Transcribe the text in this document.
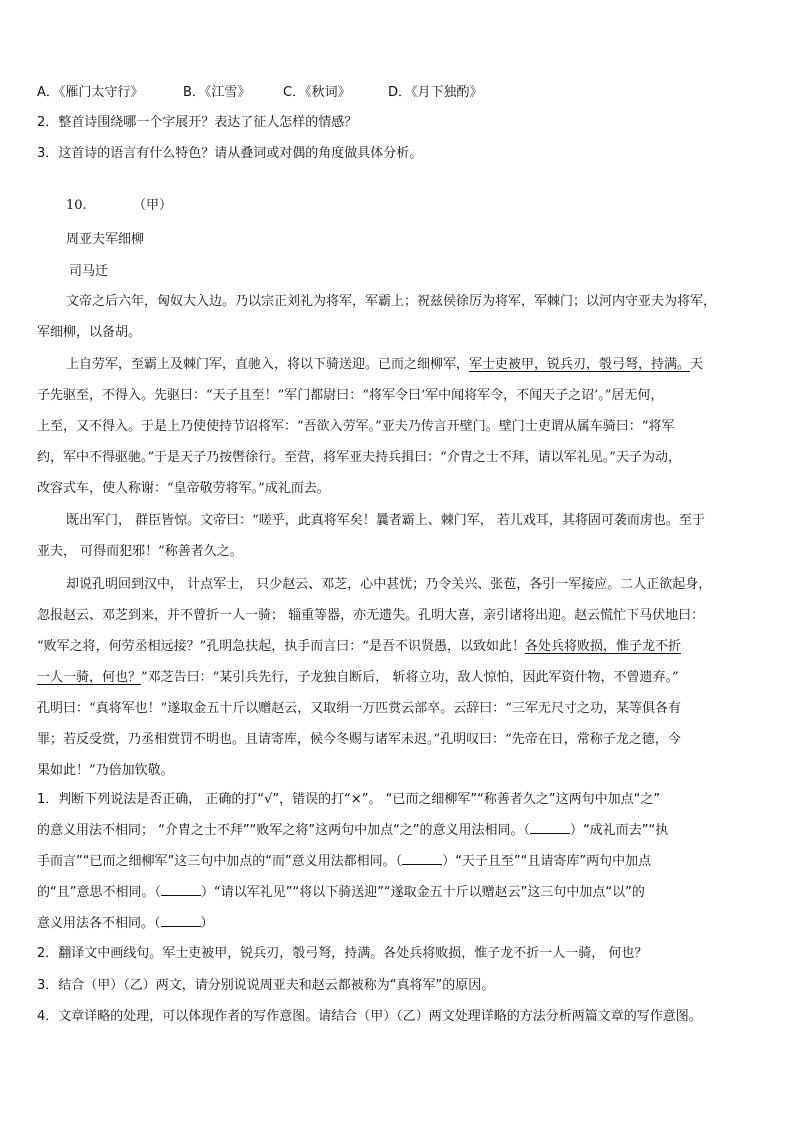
A．《雁门太守行》	B．《江雪》	C．《秋词》	D．《月下独酌》
2．整首诗围绕哪一个字展开？表达了征人怎样的情感？
3．这首诗的语言有什么特色？请从叠词或对偶的角度做具体分析。
10.	（甲）
周亚夫军细柳
司马迁
文帝之后六年，匈奴大入边。乃以宗正刘礼为将军，军霸上；祝兹侯徐厉为将军，军棘门；以河内守亚夫为将军，
军细柳，以备胡。
上自劳军，至霸上及棘门军，直驰入，将以下骑送迎。已而之细柳军，军士吏被甲，锐兵刃，彀弓弩，持满。天
子先驱至，不得入。先驱曰：“天子且至！”军门都尉曰：“将军令曰‘军中闻将军令，不闻天子之诏’。”居无何，
上至，又不得入。于是上乃使使持节诏将军：“吾欲入劳军。”亚夫乃传言开壁门。壁门士吏谓从属车骑曰：“将军
约，军中不得驱驰。”于是天子乃按辔徐行。至营，将军亚夫持兵揖曰：“介胄之士不拜，请以军礼见。”天子为动，
改容式车，使人称谢：“皇帝敬劳将军。”成礼而去。
既出军门， 群臣皆惊。文帝曰：“嗟乎，此真将军矣！曩者霸上、棘门军， 若儿戏耳，其将固可袭而虏也。至于
亚夫， 可得而犯邪！”称善者久之。
却说孔明回到汉中， 计点军士， 只少赵云、邓芝，心中甚忧；乃令关兴、张苞，各引一军接应。二人正欲起身，
忽报赵云、邓芝到来，并不曾折一人一骑； 辎重等器，亦无遗失。孔明大喜，亲引诸将出迎。赵云慌忙下马伏地曰：
“败军之将，何劳丞相远接？”孔明急扶起，执手而言曰：“是吾不识贤愚，以致如此！各处兵将败损，惟子龙不折
一人一骑，何也？”邓芝告曰：“某引兵先行，子龙独自断后， 斩将立功，敌人惊怕，因此军资什物，不曾遗弃。”
孔明曰：“真将军也！”遂取金五十斤以赠赵云，又取绢一万匹赏云部卒。云辞曰：“三军无尺寸之功，某等俱各有
罪；若反受赏，乃丞相赏罚不明也。且请寄库，候今冬赐与诸军未迟。”孔明叹曰：“先帝在日，常称子龙之德，今
果如此！”乃倍加钦敬。
1．判断下列说法是否正确， 正确的打“√”，错误的打“×”。 “已而之细柳军”“称善者久之”这两句中加点“之”
的意义用法不相同； “介胄之士不拜”“败军之将”这两句中加点“之”的意义用法相同。（	）“成礼而去”“执
手而言”“已而之细柳军”这三句中加点的“而”意义用法都相同。（	）“天子且至”“且请寄库”两句中加点
的“且”意思不相同。（	）“请以军礼见”“将以下骑送迎”“遂取金五十斤以赠赵云”这三句中加点“以”的
意义用法各不相同。（	）
2．翻译文中画线句。军士吏被甲，锐兵刃，彀弓弩，持满。各处兵将败损，惟子龙不折一人一骑， 何也？
3．结合（甲）（乙）两文，请分别说说周亚夫和赵云都被称为“真将军”的原因。
4．文章详略的处理，可以体现作者的写作意图。请结合（甲）（乙）两文处理详略的方法分析两篇文章的写作意图。
